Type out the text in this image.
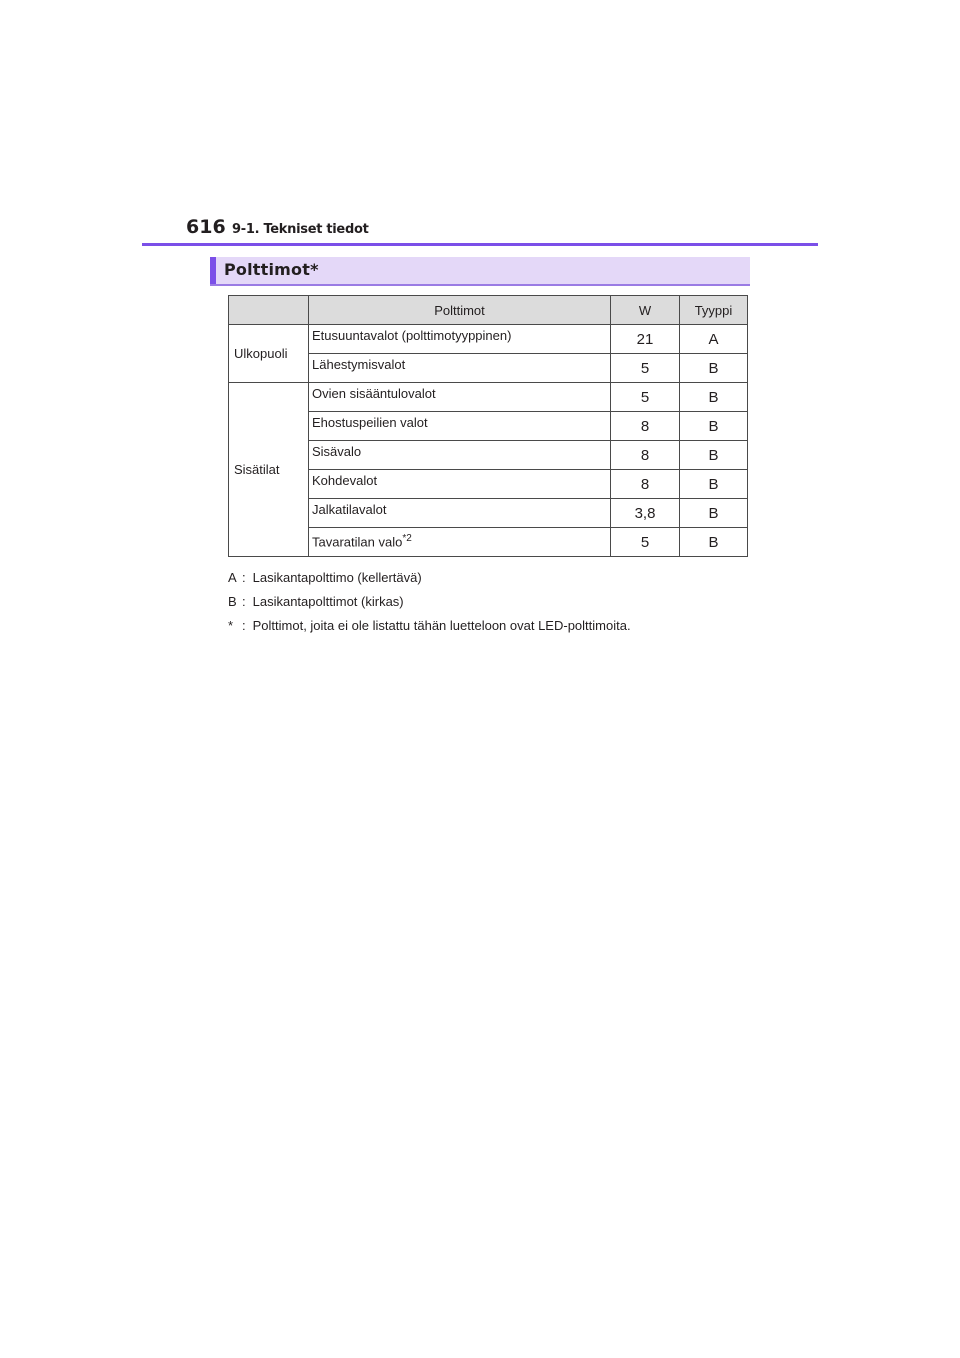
616 9-1. Tekniset tiedot
Polttimot*
	Polttimot	W	Tyyppi
Ulkopuoli	Etusuuntavalot (polttimotyyppinen)	21	A
	Lähestymisvalot	5	B
Sisätilat	Ovien sisääntulovalot	5	B
	Ehostuspeilien valot	8	B
	Sisävalo	8	B
	Kohdevalot	8	B
	Jalkatilavalot	3,8	B
	Tavaratilan valo$^{*2}$	5	B
A : Lasikantapolttimo (kellertävä)
B : Lasikantapolttimot (kirkas)
* : Polttimot, joita ei ole listattu tähän luetteloon ovat LED-polttimoita.
